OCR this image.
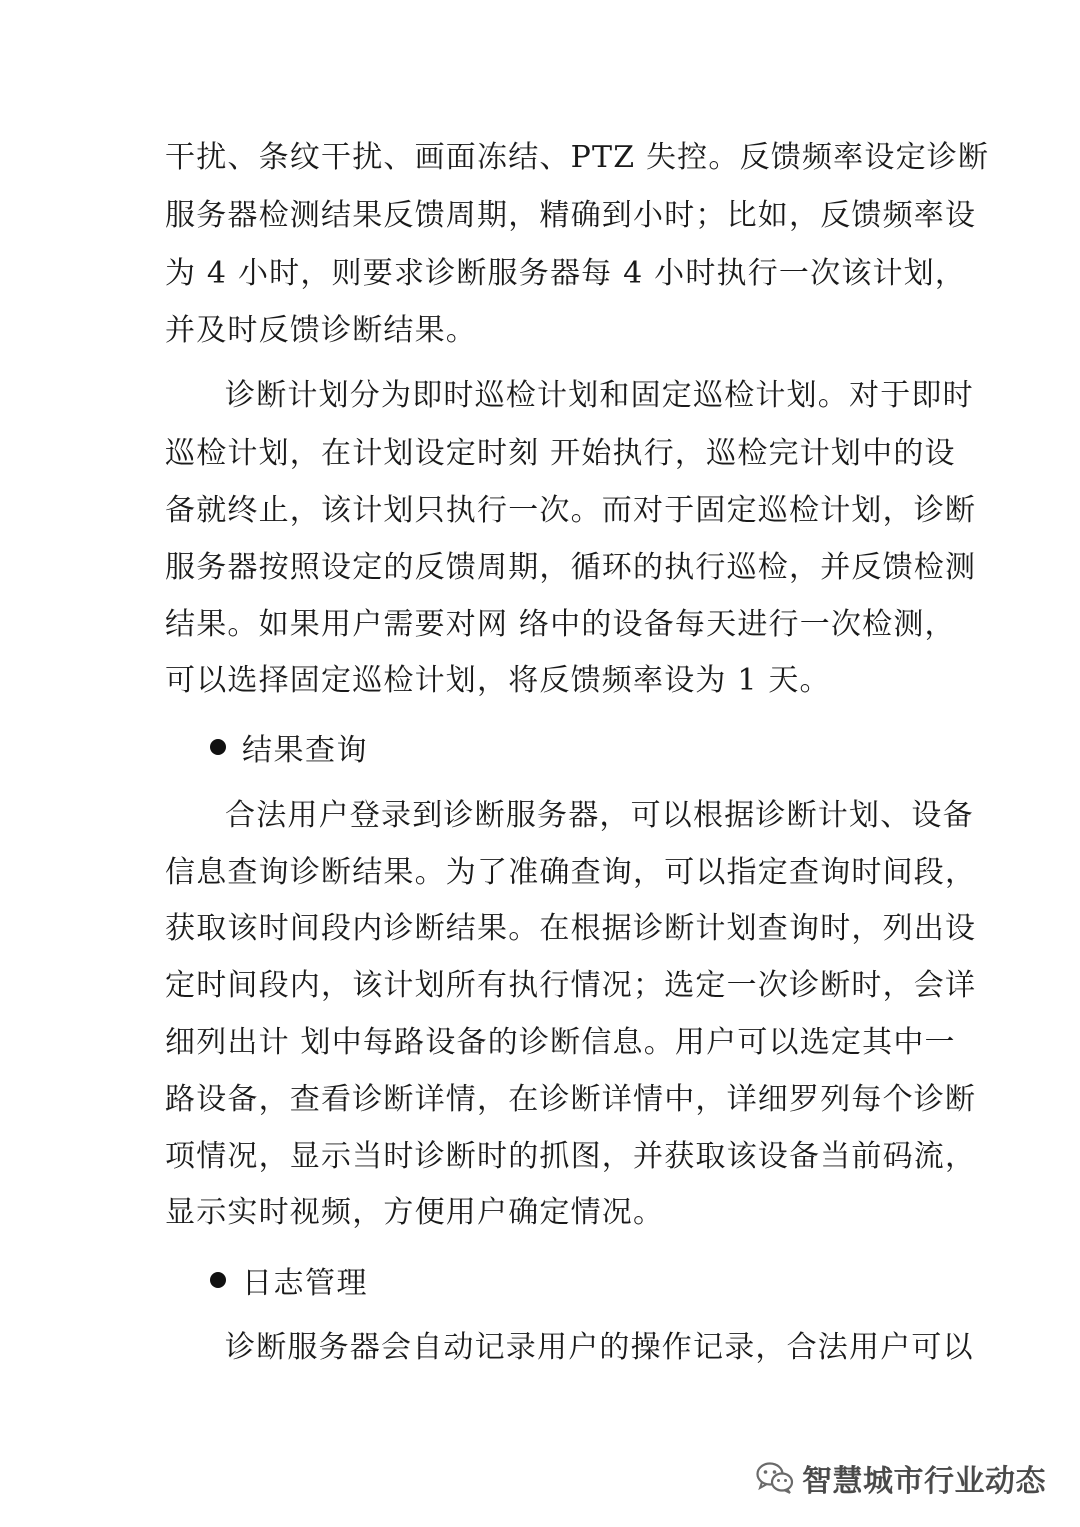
干扰、条纹干扰、画面冻结、PTZ 失控。反馈频率设定诊断
服务器检测结果反馈周期，精确到小时；比如，反馈频率设
为 4 小时，则要求诊断服务器每 4 小时执行一次该计划，
并及时反馈诊断结果。
诊断计划分为即时巡检计划和固定巡检计划。对于即时
巡检计划，在计划设定时刻 开始执行，巡检完计划中的设
备就终止，该计划只执行一次。而对于固定巡检计划，诊断
服务器按照设定的反馈周期，循环的执行巡检，并反馈检测
结果。如果用户需要对网 络中的设备每天进行一次检测，
可以选择固定巡检计划，将反馈频率设为 1 天。
结果查询
合法用户登录到诊断服务器，可以根据诊断计划、设备
信息查询诊断结果。为了准确查询，可以指定查询时间段，
获取该时间段内诊断结果。在根据诊断计划查询时，列出设
定时间段内，该计划所有执行情况；选定一次诊断时，会详
细列出计 划中每路设备的诊断信息。用户可以选定其中一
路设备，查看诊断详情，在诊断详情中，详细罗列每个诊断
项情况，显示当时诊断时的抓图，并获取该设备当前码流，
显示实时视频，方便用户确定情况。
日志管理
诊断服务器会自动记录用户的操作记录，合法用户可以
智慧城市行业动态
